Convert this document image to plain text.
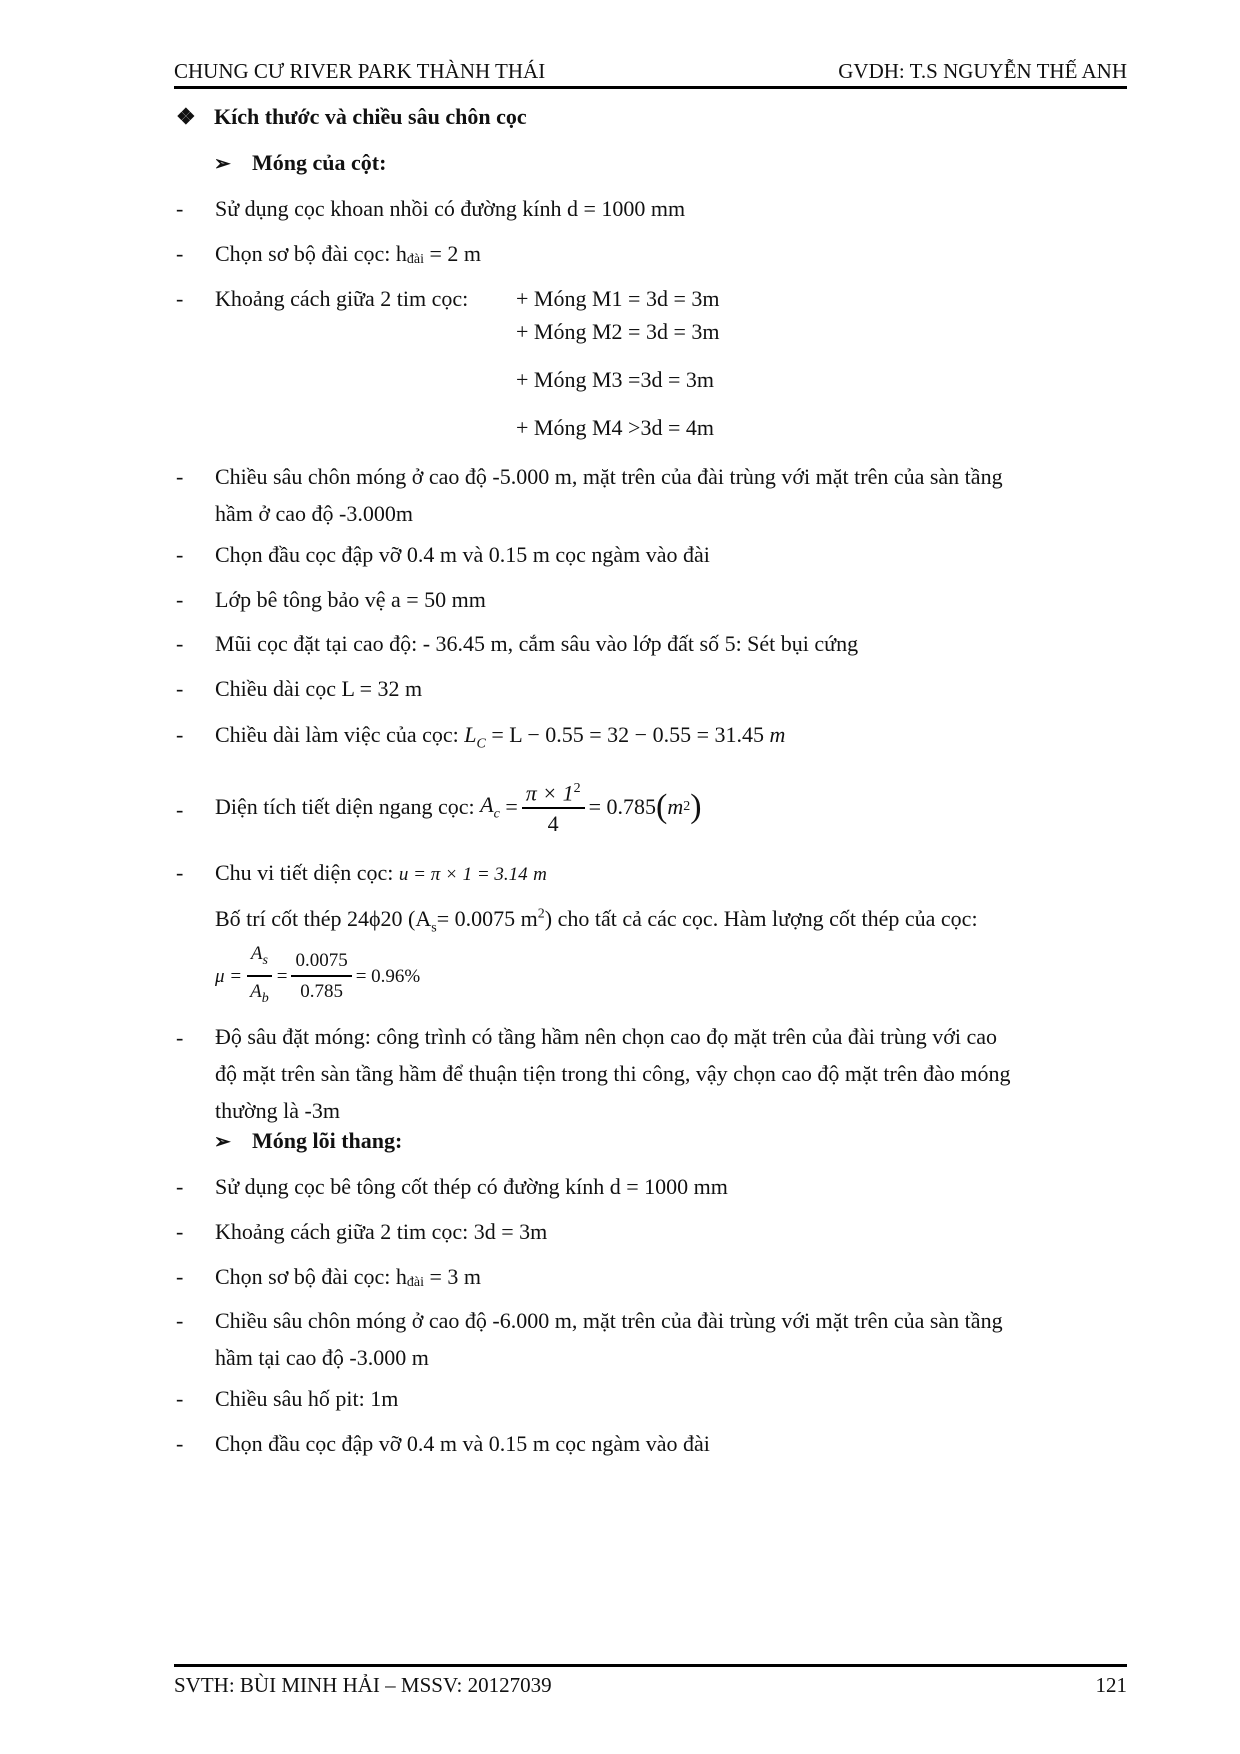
CHUNG CƯ RIVER PARK THÀNH THÁI	GVDH: T.S NGUYỄN THẾ ANH
❖ Kích thước và chiều sâu chôn cọc
➢ Móng của cột:
- Sử dụng cọc khoan nhồi có đường kính d = 1000 mm
- Chọn sơ bộ đài cọc: $h_{đài} = 2$ m
- Khoảng cách giữa 2 tim cọc:	+ Móng M1 = 3d = 3m
+ Móng M2 = 3d = 3m
+ Móng M3 =3d = 3m
+ Móng M4 >3d = 4m
- Chiều sâu chôn móng ở cao độ -5.000 m, mặt trên của đài trùng với mặt trên của sàn tầng
hầm ở cao độ -3.000m
- Chọn đầu cọc đập vỡ 0.4 m và 0.15 m cọc ngàm vào đài
- Lớp bê tông bảo vệ a = 50 mm
- Mũi cọc đặt tại cao độ: - 36.45 m, cắm sâu vào lớp đất số 5: Sét bụi cứng
- Chiều dài cọc L = 32 m
- Chiều dài làm việc của cọc: $L_C = L - 0.55 = 32 - 0.55 = 31.45$ m
- Diện tích tiết diện ngang cọc:
$A_c = \frac{\pi \times 1^2}{4} = 0.785$ ( m 2 )
- Chu vi tiết diện cọc: u = π × 1 = 3.14 m
Bố trí cốt thép 24ϕ20 ($A_s= 0.0075$ $m^2$) cho tất cả các cọc. Hàm lượng cốt thép của cọc:
$\mu = \frac{A_s}{A_b} = \frac{0.0075}{0.785} = 0.96\%$
- Độ sâu đặt móng: công trình có tầng hầm nên chọn cao đọ mặt trên của đài trùng với cao
độ mặt trên sàn tầng hầm để thuận tiện trong thi công, vậy chọn cao độ mặt trên đào móng
thường là -3m
➢ Móng lõi thang:
- Sử dụng cọc bê tông cốt thép có đường kính d = 1000 mm
- Khoảng cách giữa 2 tim cọc: 3d = 3m
- Chọn sơ bộ đài cọc: $h_{đài} = 3$ m
- Chiều sâu chôn móng ở cao độ -6.000 m, mặt trên của đài trùng với mặt trên của sàn tầng
hầm tại cao độ -3.000 m
- Chiều sâu hố pit: 1m
- Chọn đầu cọc đập vỡ 0.4 m và 0.15 m cọc ngàm vào đài
SVTH: BÙI MINH HẢI – MSSV: 20127039	121
